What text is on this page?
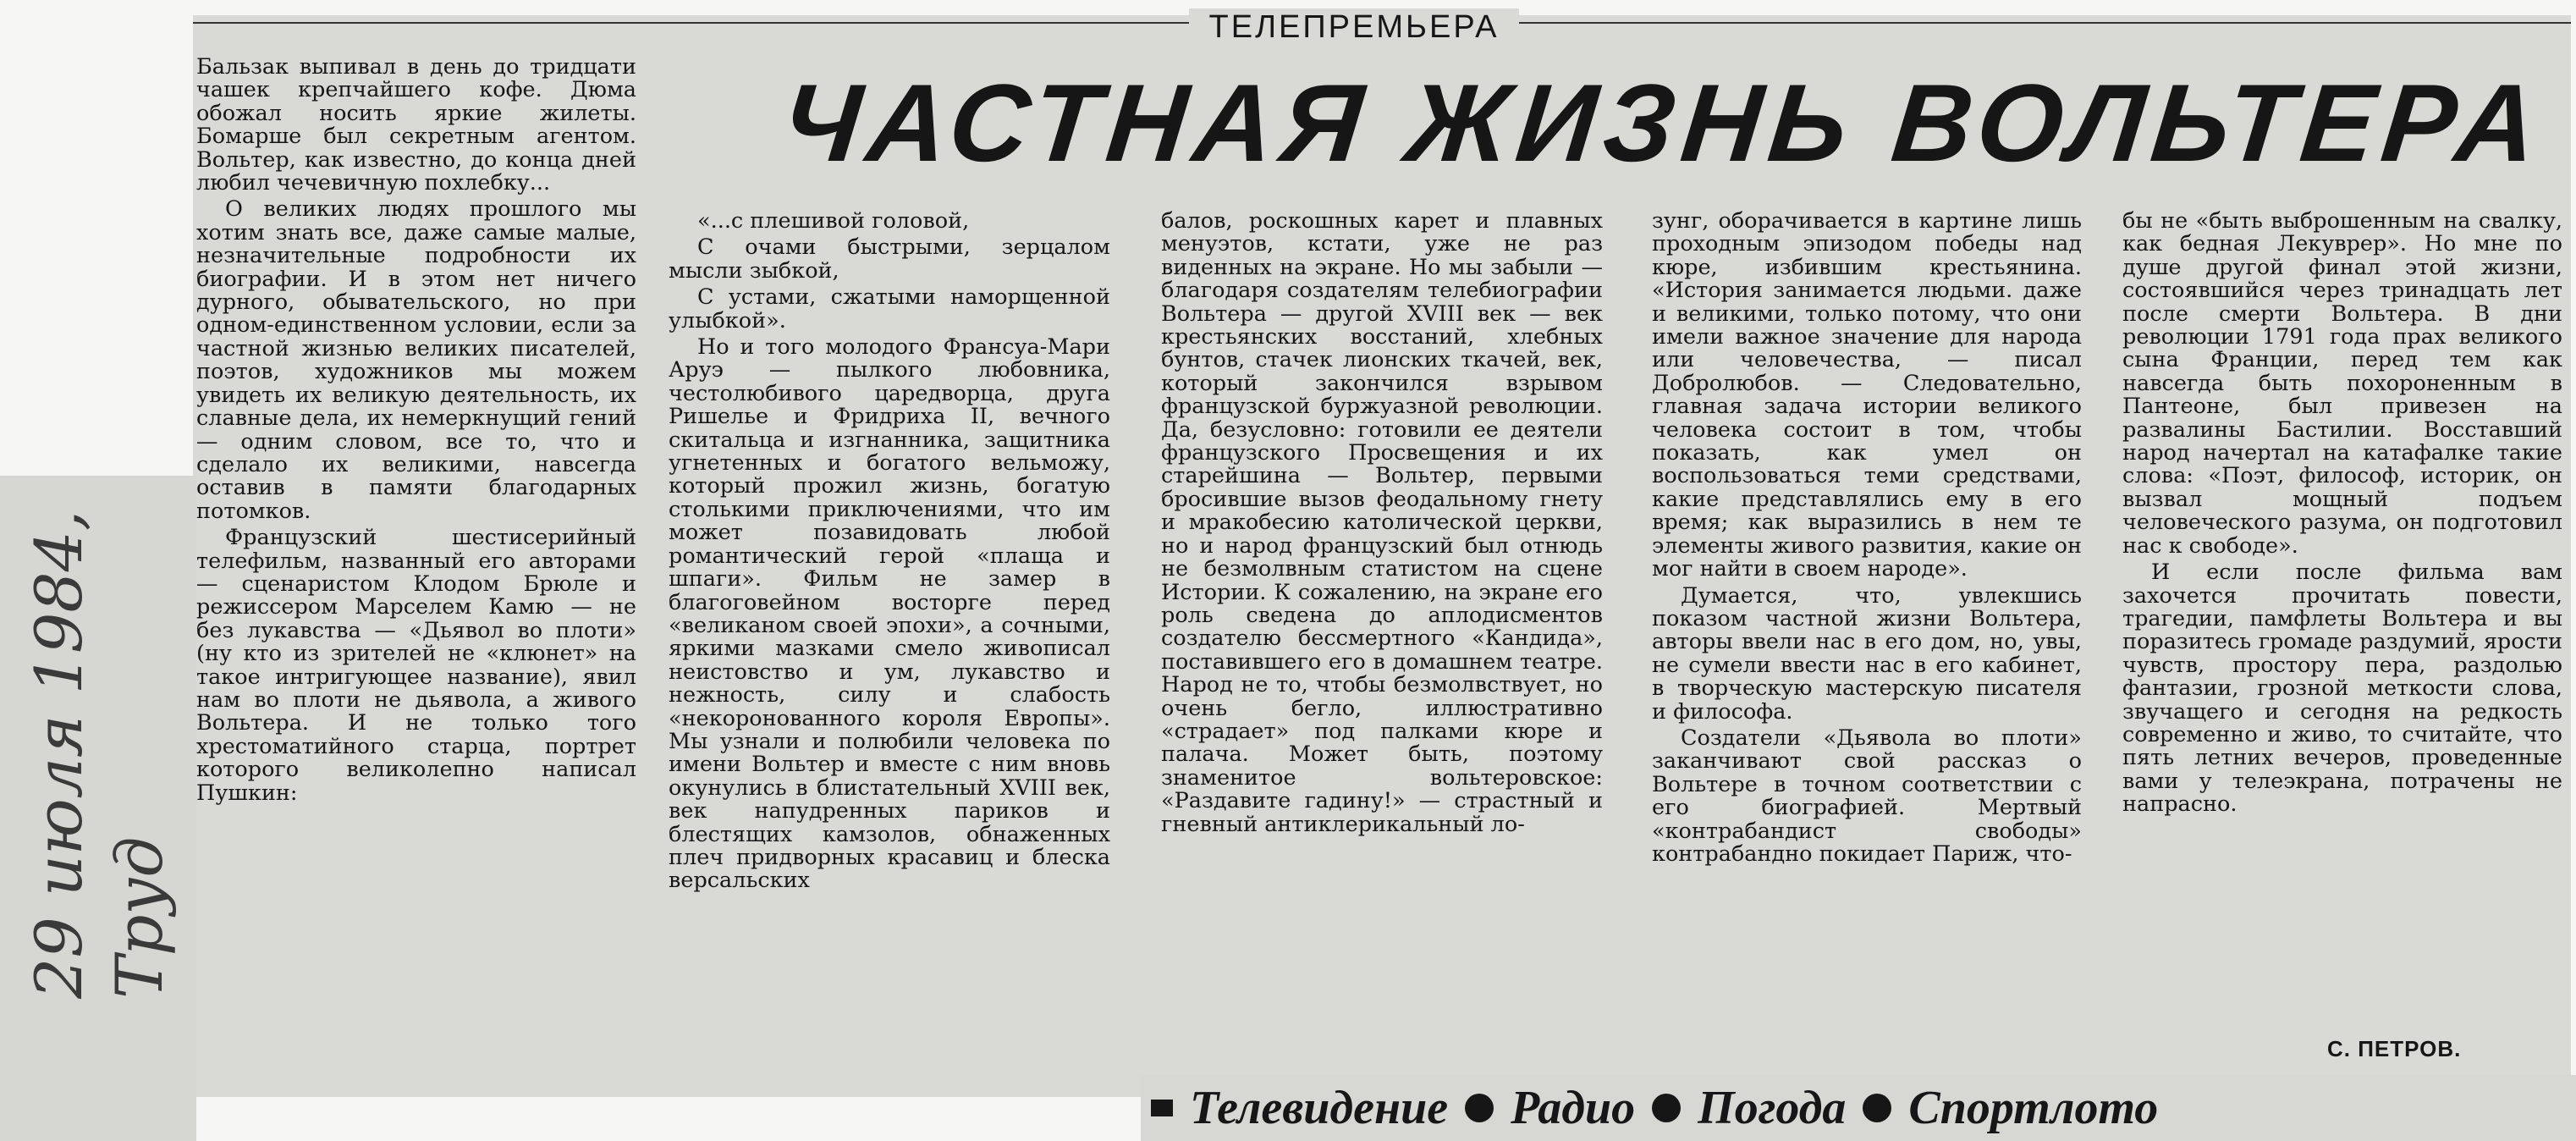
ТЕЛЕПРЕМЬЕРА
ЧАСТНАЯ ЖИЗНЬ ВОЛЬТЕРА

Бальзак выпивал в день до тридцати чашек крепчайшего кофе. Дюма обожал носить яркие жилеты. Бомарше был секретным агентом. Вольтер, как известно, до конца дней любил чечевичную похлебку...

О великих людях прошлого мы хотим знать все, даже самые малые, незначительные подробности их биографии. И в этом нет ничего дурного, обывательского, но при одном-единственном условии, если за частной жизнью великих писателей, поэтов, художников мы можем увидеть их великую деятельность, их славные дела, их немеркнущий гений — одним словом, все то, что и сделало их великими, навсегда оставив в памяти благодарных потомков.

Французский шестисерийный телефильм, названный его авторами — сценаристом Клодом Брюле и режиссером Марселем Камю — не без лукавства — «Дьявол во плоти» (ну кто из зрителей не «клюнет» на такое интригующее название), явил нам во плоти не дьявола, а живого Вольтера. И не только того хрестоматийного старца, портрет которого великолепно написал Пушкин:

«...с плешивой головой,

С очами быстрыми, зерцалом мысли зыбкой,

С устами, сжатыми наморщенной улыбкой».

Но и того молодого Франсуа-Мари Аруэ — пылкого любовника, честолюбивого царедворца, друга Ришелье и Фридриха II, вечного скитальца и изгнанника, защитника угнетенных и богатого вельможу, который прожил жизнь, богатую столькими приключениями, что им может позавидовать любой романтический герой «плаща и шпаги». Фильм не замер в благоговейном восторге перед «великаном своей эпохи», а сочными, яркими мазками смело живописал неистовство и ум, лукавство и нежность, силу и слабость «некоронованного короля Европы». Мы узнали и полюбили человека по имени Вольтер и вместе с ним вновь окунулись в блистательный XVIII век, век напудренных париков и блестящих камзолов, обнаженных плеч придворных красавиц и блеска версальских

балов, роскошных карет и плавных менуэтов, кстати, уже не раз виденных на экране. Но мы забыли — благодаря создателям телебиографии Вольтера — другой XVIII век — век крестьянских восстаний, хлебных бунтов, стачек лионских ткачей, век, который закончился взрывом французской буржуазной революции. Да, безусловно: готовили ее деятели французского Просвещения и их старейшина — Вольтер, первыми бросившие вызов феодальному гнету и мракобесию католической церкви, но и народ французский был отнюдь не безмолвным статистом на сцене Истории. К сожалению, на экране его роль сведена до аплодисментов создателю бессмертного «Кандида», поставившего его в домашнем театре. Народ не то, чтобы безмолвствует, но очень бегло, иллюстративно «страдает» под палками кюре и палача. Может быть, поэтому знаменитое вольтеровское: «Раздавите гадину!» — страстный и гневный антиклерикальный ло-

зунг, оборачивается в картине лишь проходным эпизодом победы над кюре, избившим крестьянина. «История занимается людьми. даже и великими, только потому, что они имели важное значение для народа или человечества, — писал Добролюбов. — Следовательно, главная задача истории великого человека состоит в том, чтобы показать, как умел он воспользоваться теми средствами, какие представлялись ему в его время; как выразились в нем те элементы живого развития, какие он мог найти в своем народе».

Думается, что, увлекшись показом частной жизни Вольтера, авторы ввели нас в его дом, но, увы, не сумели ввести нас в его кабинет, в творческую мастерскую писателя и философа.

Создатели «Дьявола во плоти» заканчивают свой рассказ о Вольтере в точном соответствии с его биографией. Мертвый «контрабандист свободы» контрабандно покидает Париж, что-

бы не «быть выброшенным на свалку, как бедная Лекуврер». Но мне по душе другой финал этой жизни, состоявшийся через тринадцать лет после смерти Вольтера. В дни революции 1791 года прах великого сына Франции, перед тем как навсегда быть похороненным в Пантеоне, был привезен на развалины Бастилии. Восставший народ начертал на катафалке такие слова: «Поэт, философ, историк, он вызвал мощный подъем человеческого разума, он подготовил нас к свободе».

И если после фильма вам захочется прочитать повести, трагедии, памфлеты Вольтера и вы поразитесь громаде раздумий, ярости чувств, простору пера, раздолью фантазии, грозной меткости слова, звучащего и сегодня на редкость современно и живо, то считайте, что пять летних вечеров, проведенные вами у телеэкрана, потрачены не напрасно.

С. ПЕТРОВ.
Труд
29 июля 1984,
Телевидение Радио Погода Спортлото
